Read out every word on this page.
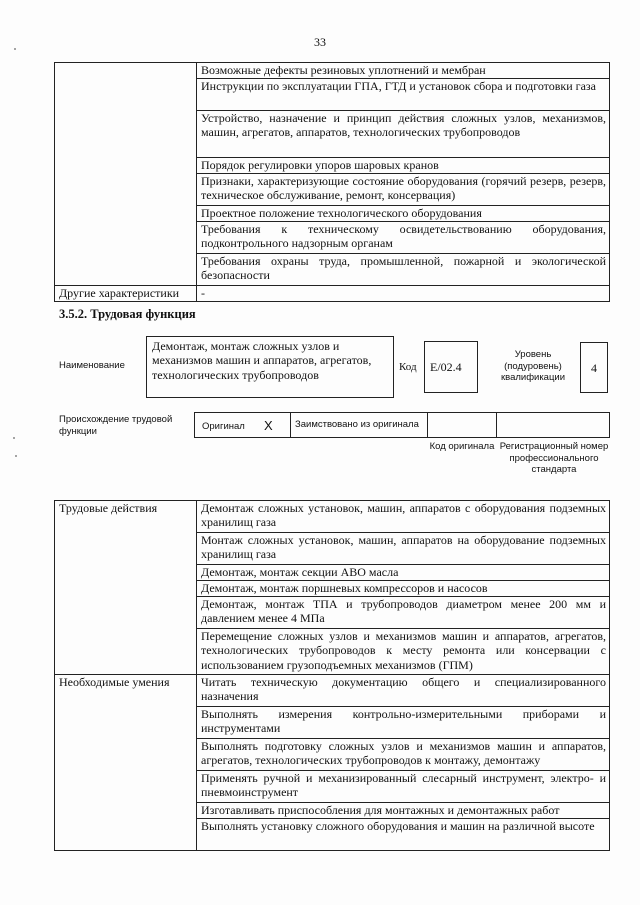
33
	Возможные дефекты резиновых уплотнений и мембран
	Инструкции по эксплуатации ГПА, ГТД и установок сбора и подготовки газа
	Устройство, назначение и принцип действия сложных узлов, механизмов, машин, агрегатов, аппаратов, технологических трубопроводов
	Порядок регулировки упоров шаровых кранов
	Признаки, характеризующие состояние оборудования (горячий резерв, резерв, техническое обслуживание, ремонт, консервация)
	Проектное положение технологического оборудования
	Требования к техническому освидетельствованию оборудования, подконтрольного надзорным органам
	Требования охраны труда, промышленной, пожарной и экологической безопасности
Другие характеристики	-
3.5.2. Трудовая функция
Наименование
Демонтаж, монтаж сложных узлов и механизмов машин и аппаратов, агрегатов, технологических трубопроводов
Код	E/02.4
Уровень (подуровень) квалификации
4
Происхождение трудовой функции	Оригинал X	Заимствовано из оригинала
Код оригинала Регистрационный номер профессионального стандарта
Трудовые действия	Демонтаж сложных установок, машин, аппаратов с оборудования подземных хранилищ газа
	Монтаж сложных установок, машин, аппаратов на оборудование подземных хранилищ газа
	Демонтаж, монтаж секции АВО масла
	Демонтаж, монтаж поршневых компрессоров и насосов
	Демонтаж, монтаж ТПА и трубопроводов диаметром менее 200 мм и давлением менее 4 МПа
	Перемещение сложных узлов и механизмов машин и аппаратов, агрегатов, технологических трубопроводов к месту ремонта или консервации с использованием грузоподъемных механизмов (ГПМ)
Необходимые умения	Читать техническую документацию общего и специализированного назначения
	Выполнять измерения контрольно-измерительными приборами и инструментами
	Выполнять подготовку сложных узлов и механизмов машин и аппаратов, агрегатов, технологических трубопроводов к монтажу, демонтажу
	Применять ручной и механизированный слесарный инструмент, электро- и пневмоинструмент
	Изготавливать приспособления для монтажных и демонтажных работ
	Выполнять установку сложного оборудования и машин на различной высоте
